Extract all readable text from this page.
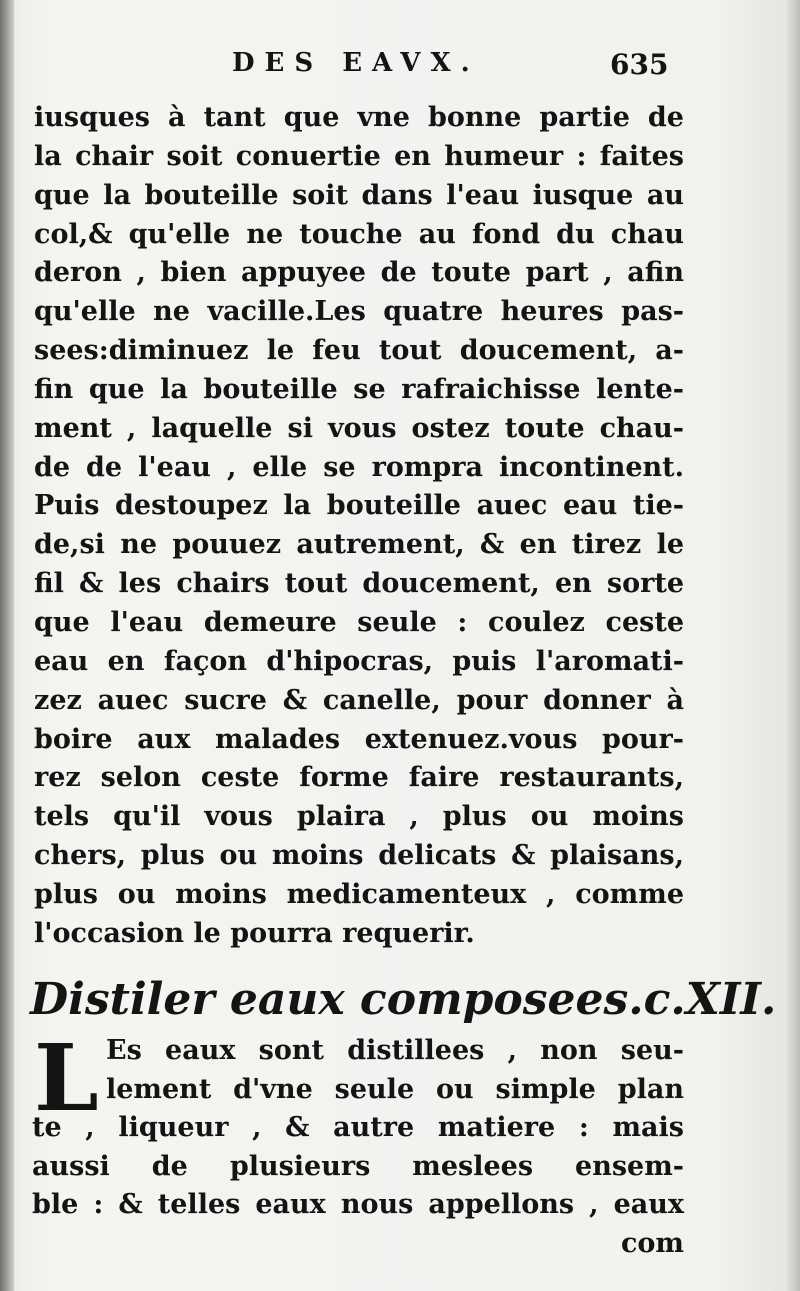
DES EAVX.	635
iusques à tant que vne bonne partie de
la chair soit conuertie en humeur : faites
que la bouteille soit dans l'eau iusque au
col,& qu'elle ne touche au fond du chau
deron , bien appuyee de toute part , afin
qu'elle ne vacille.Les quatre heures pas-
sees:diminuez le feu tout doucement, a-
fin que la bouteille se rafraichisse lente-
ment , laquelle si vous ostez toute chau-
de de l'eau , elle se rompra incontinent.
Puis destoupez la bouteille auec eau tie-
de,si ne pouuez autrement, & en tirez le
fil & les chairs tout doucement, en sorte
que l'eau demeure seule : coulez ceste
eau en façon d'hipocras, puis l'aromati-
zez auec sucre & canelle, pour donner à
boire aux malades extenuez.vous pour-
rez selon ceste forme faire restaurants,
tels qu'il vous plaira , plus ou moins
chers, plus ou moins delicats & plaisans,
plus ou moins medicamenteux , comme
l'occasion le pourra requerir.
Distiler eaux composees.c.XII.
L Es eaux sont distillees , non seu-
lement d'vne seule ou simple plan
te , liqueur , & autre matiere : mais
aussi de plusieurs meslees ensem-
ble : & telles eaux nous appellons , eaux
com
